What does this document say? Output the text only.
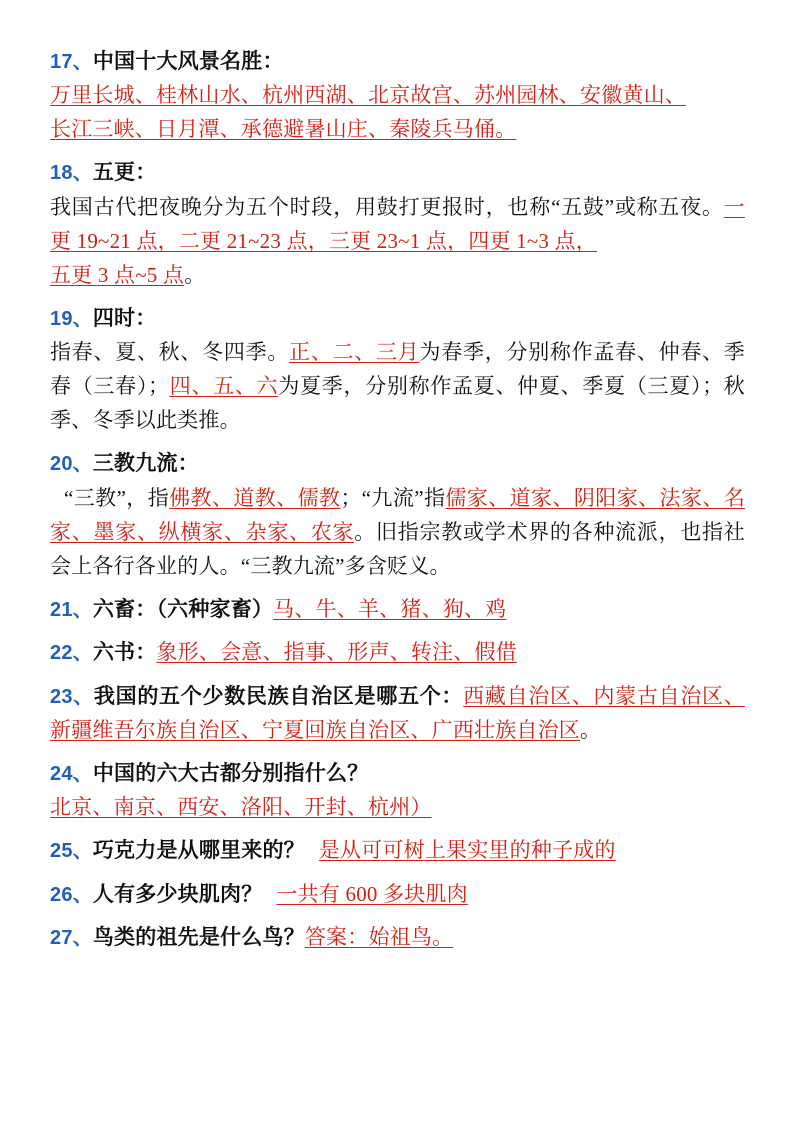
17、中国十大风景名胜：
万里长城、桂林山水、杭州西湖、北京故宫、苏州园林、安徽黄山、
长江三峡、日月潭、承德避暑山庄、秦陵兵马俑。
18、五更：
我国古代把夜晚分为五个时段，用鼓打更报时，也称“五鼓”或称五夜。一更 19~21 点，二更 21~23 点，三更 23~1 点，四更 1~3 点，
五更 3 点~5 点。
19、四时：
指春、夏、秋、冬四季。正、二、三月为春季，分别称作孟春、仲春、季春（三春）；四、五、六为夏季，分别称作孟夏、仲夏、季夏（三夏）；秋季、冬季以此类推。
20、三教九流：
“三教”，指佛教、道教、儒教；“九流”指儒家、道家、阴阳家、法家、名家、墨家、纵横家、杂家、农家。旧指宗教或学术界的各种流派，也指社会上各行各业的人。“三教九流”多含贬义。
21、六畜：（六种家畜）马、牛、羊、猪、狗、鸡
22、六书：象形、会意、指事、形声、转注、假借
23、我国的五个少数民族自治区是哪五个：西藏自治区、内蒙古自治区、新疆维吾尔族自治区、宁夏回族自治区、广西壮族自治区。
24、中国的六大古都分别指什么？
北京、南京、西安、洛阳、开封、杭州）
25、巧克力是从哪里来的？ 是从可可树上果实里的种子成的
26、人有多少块肌肉？ 一共有 600 多块肌肉
27、鸟类的祖先是什么鸟？答案：始祖鸟。
